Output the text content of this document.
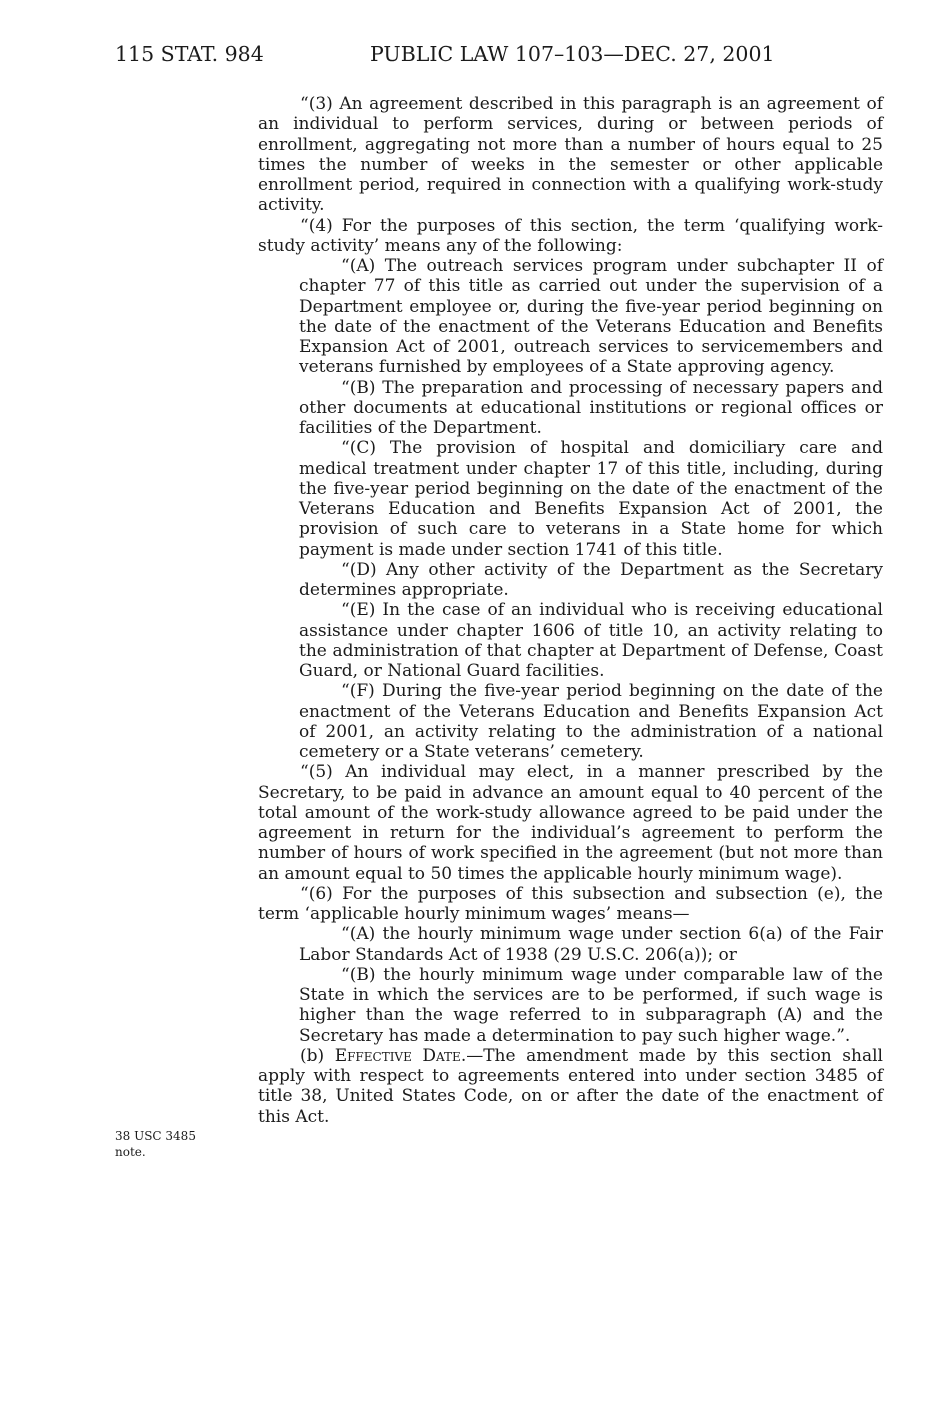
115 STAT. 984	PUBLIC LAW 107–103—DEC. 27, 2001

“(3) An agreement described in this paragraph is an agreement of an individual to perform services, during or between periods of enrollment, aggregating not more than a number of hours equal to 25 times the number of weeks in the semester or other applicable enrollment period, required in connection with a qualifying work-study activity.

“(4) For the purposes of this section, the term ‘qualifying work-study activity’ means any of the following:

“(A) The outreach services program under subchapter II of chapter 77 of this title as carried out under the supervision of a Department employee or, during the five-year period beginning on the date of the enactment of the Veterans Education and Benefits Expansion Act of 2001, outreach services to servicemembers and veterans furnished by employees of a State approving agency.

“(B) The preparation and processing of necessary papers and other documents at educational institutions or regional offices or facilities of the Department.

“(C) The provision of hospital and domiciliary care and medical treatment under chapter 17 of this title, including, during the five-year period beginning on the date of the enactment of the Veterans Education and Benefits Expansion Act of 2001, the provision of such care to veterans in a State home for which payment is made under section 1741 of this title.

“(D) Any other activity of the Department as the Secretary determines appropriate.

“(E) In the case of an individual who is receiving educational assistance under chapter 1606 of title 10, an activity relating to the administration of that chapter at Department of Defense, Coast Guard, or National Guard facilities.

“(F) During the five-year period beginning on the date of the enactment of the Veterans Education and Benefits Expansion Act of 2001, an activity relating to the administration of a national cemetery or a State veterans’ cemetery.

“(5) An individual may elect, in a manner prescribed by the Secretary, to be paid in advance an amount equal to 40 percent of the total amount of the work-study allowance agreed to be paid under the agreement in return for the individual’s agreement to perform the number of hours of work specified in the agreement (but not more than an amount equal to 50 times the applicable hourly minimum wage).

“(6) For the purposes of this subsection and subsection (e), the term ‘applicable hourly minimum wages’ means—

“(A) the hourly minimum wage under section 6(a) of the Fair Labor Standards Act of 1938 (29 U.S.C. 206(a)); or

“(B) the hourly minimum wage under comparable law of the State in which the services are to be performed, if such wage is higher than the wage referred to in subparagraph (A) and the Secretary has made a determination to pay such higher wage.”.

(b) Effective Date.—The amendment made by this section shall apply with respect to agreements entered into under section 3485 of title 38, United States Code, on or after the date of the enactment of this Act.

38 USC 3485
note.
